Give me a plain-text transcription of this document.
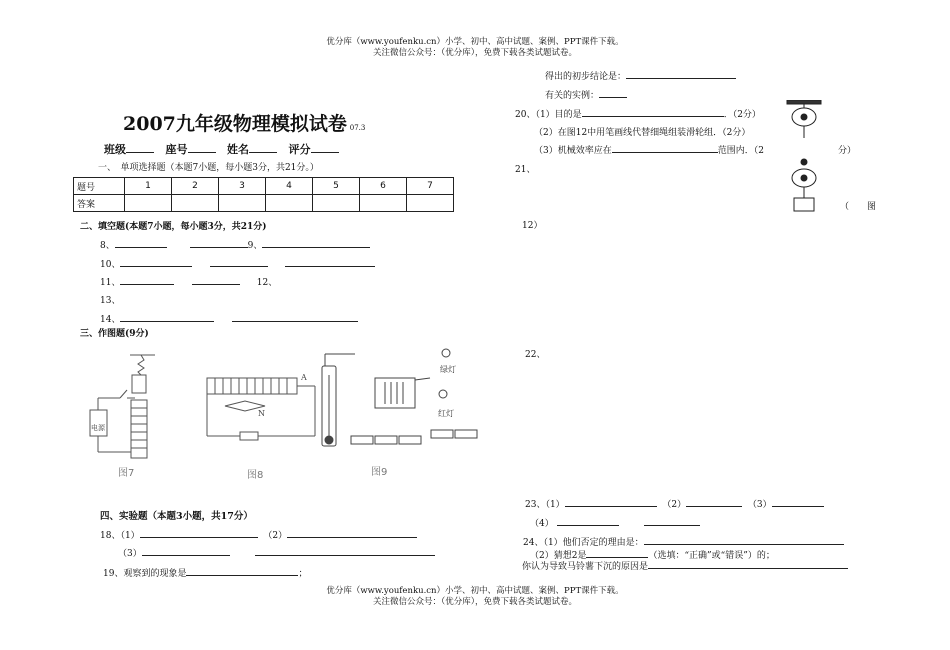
优分库（www.youfenku.cn）小学、初中、高中试题、案例、PPT课件下载。
关注微信公众号：（优分库），免费下载各类试题试卷。
2007九年级物理模拟试卷 07.3
班级	座号	姓名	评分
一、　单项选择题（本题7小题，每小题3分，共21分。）
题号	1	2	3	4	5	6	7
答案							
二、填空题(本题7小题，每小题3分，共21分)
8、	9、
10、
11、	12、
13、
14、
三、作图题(9分)
图7
电源
A
N
图8
绿灯
红灯
图9
四、实验题（本题3小题，共17分）
18、（1）	（2）
（3）
19、观察到的现象是	；
得出的初步结论是：
有关的实例：
20、（1）目的是	．（2分）
（2）在图12中用笔画线代替细绳组装滑轮组．（2分）
（3）机械效率应在	范围内．（2	分）
21、
（　　图
12）
22、
23、（1）	（2）	（3）
（4）
24、（1）他们否定的理由是：
（2）猜想2是	（选填：“正确”或“错误”）的；
你认为导致马铃薯下沉的原因是
优分库（www.youfenku.cn）小学、初中、高中试题、案例、PPT课件下载。
关注微信公众号：（优分库），免费下载各类试题试卷。
